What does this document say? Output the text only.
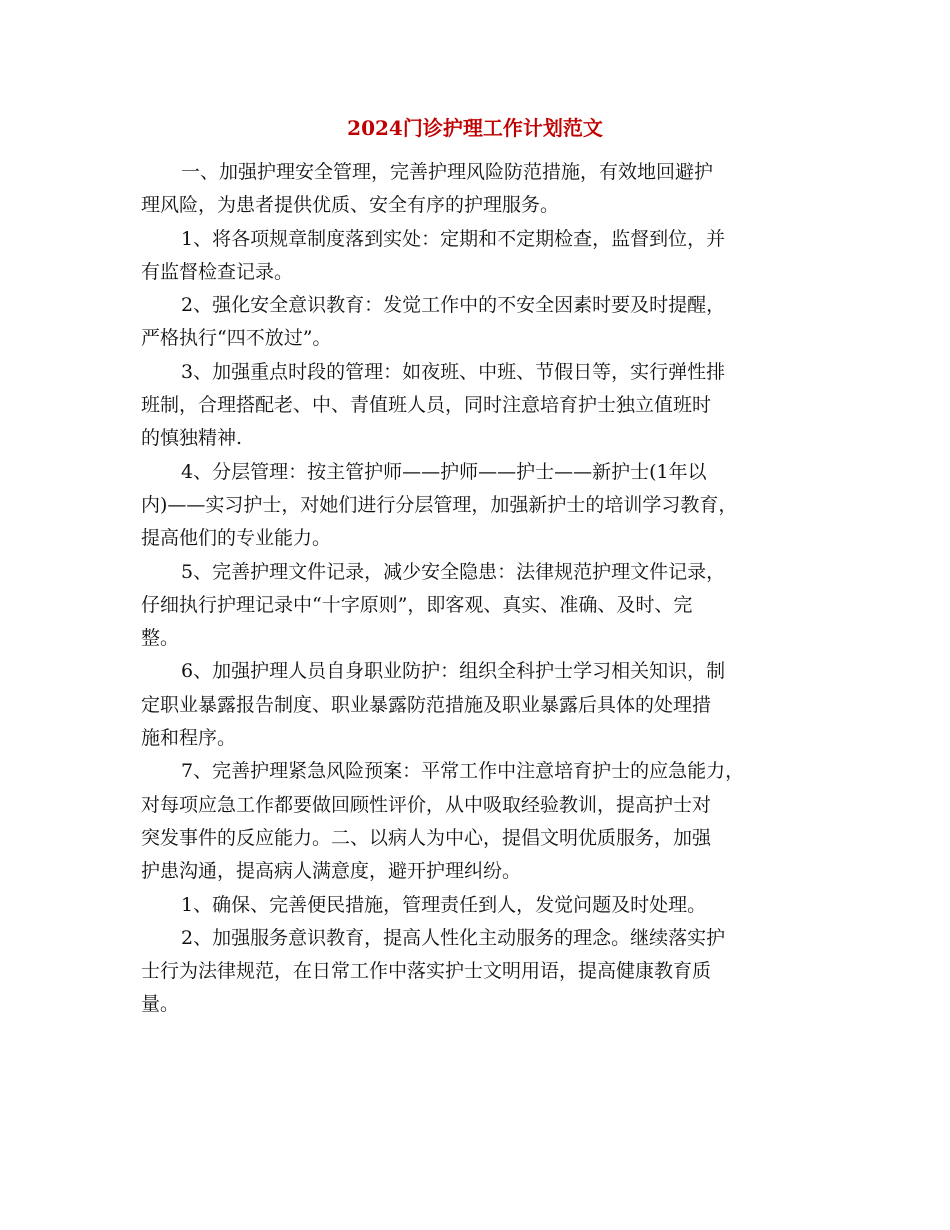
2024门诊护理工作计划范文
一、加强护理安全管理，完善护理风险防范措施，有效地回避护
理风险，为患者提供优质、安全有序的护理服务。
1、将各项规章制度落到实处：定期和不定期检查，监督到位，并
有监督检查记录。
2、强化安全意识教育：发觉工作中的不安全因素时要及时提醒，
严格执行“四不放过”。
3、加强重点时段的管理：如夜班、中班、节假日等，实行弹性排
班制，合理搭配老、中、青值班人员，同时注意培育护士独立值班时
的慎独精神.
4、分层管理：按主管护师——护师——护士——新护士(1年以
内)——实习护士，对她们进行分层管理，加强新护士的培训学习教育，
提高他们的专业能力。
5、完善护理文件记录，减少安全隐患：法律规范护理文件记录，
仔细执行护理记录中“十字原则”，即客观、真实、准确、及时、完
整。
6、加强护理人员自身职业防护：组织全科护士学习相关知识，制
定职业暴露报告制度、职业暴露防范措施及职业暴露后具体的处理措
施和程序。
7、完善护理紧急风险预案：平常工作中注意培育护士的应急能力，
对每项应急工作都要做回顾性评价，从中吸取经验教训，提高护士对
突发事件的反应能力。二、以病人为中心，提倡文明优质服务，加强
护患沟通，提高病人满意度，避开护理纠纷。
1、确保、完善便民措施，管理责任到人，发觉问题及时处理。
2、加强服务意识教育，提高人性化主动服务的理念。继续落实护
士行为法律规范，在日常工作中落实护士文明用语，提高健康教育质
量。
